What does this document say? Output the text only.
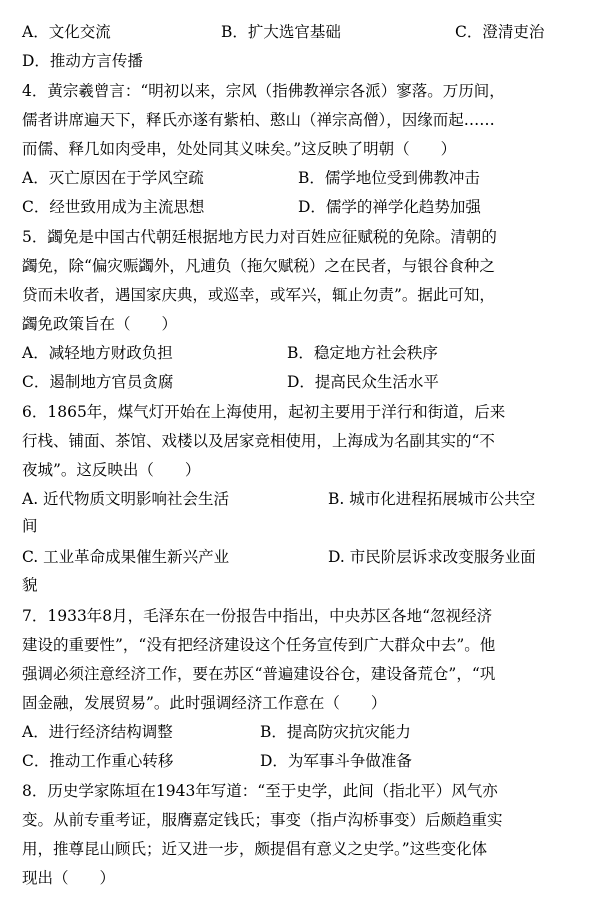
A．文化交流	B．扩大选官基础	C．澄清吏治
D．推动方言传播
4．黄宗羲曾言：“明初以来，宗风（指佛教禅宗各派）寥落。万历间，
儒者讲席遍天下，释氏亦遂有紫柏、憨山（禅宗高僧），因缘而起……
而儒、释几如肉受串，处处同其义味矣。”这反映了明朝（　　）
A．灭亡原因在于学风空疏	B．儒学地位受到佛教冲击
C．经世致用成为主流思想	D．儒学的禅学化趋势加强
5．蠲免是中国古代朝廷根据地方民力对百姓应征赋税的免除。清朝的
蠲免，除“偏灾赈蠲外，凡逋负（拖欠赋税）之在民者，与银谷食种之
贷而未收者，遇国家庆典，或巡幸，或军兴，辄止勿责”。据此可知，
蠲免政策旨在（　　）
A．减轻地方财政负担	B．稳定地方社会秩序
C．遏制地方官员贪腐	D．提高民众生活水平
6．1865年，煤气灯开始在上海使用，起初主要用于洋行和街道，后来
行栈、铺面、茶馆、戏楼以及居家竞相使用，上海成为名副其实的“不
夜城”。这反映出（　　）
A. 近代物质文明影响社会生活	B. 城市化进程拓展城市公共空
间
C. 工业革命成果催生新兴产业	D. 市民阶层诉求改变服务业面
貌
7．1933年8月，毛泽东在一份报告中指出，中央苏区各地“忽视经济
建设的重要性”，“没有把经济建设这个任务宣传到广大群众中去”。他
强调必须注意经济工作，要在苏区“普遍建设谷仓，建设备荒仓”，“巩
固金融，发展贸易”。此时强调经济工作意在（　　）
A．进行经济结构调整	B．提高防灾抗灾能力
C．推动工作重心转移	D．为军事斗争做准备
8．历史学家陈垣在1943年写道：“至于史学，此间（指北平）风气亦
变。从前专重考证，服膺嘉定钱氏；事变（指卢沟桥事变）后颇趋重实
用，推尊昆山顾氏；近又进一步，颇提倡有意义之史学。”这些变化体
现出（　　）
